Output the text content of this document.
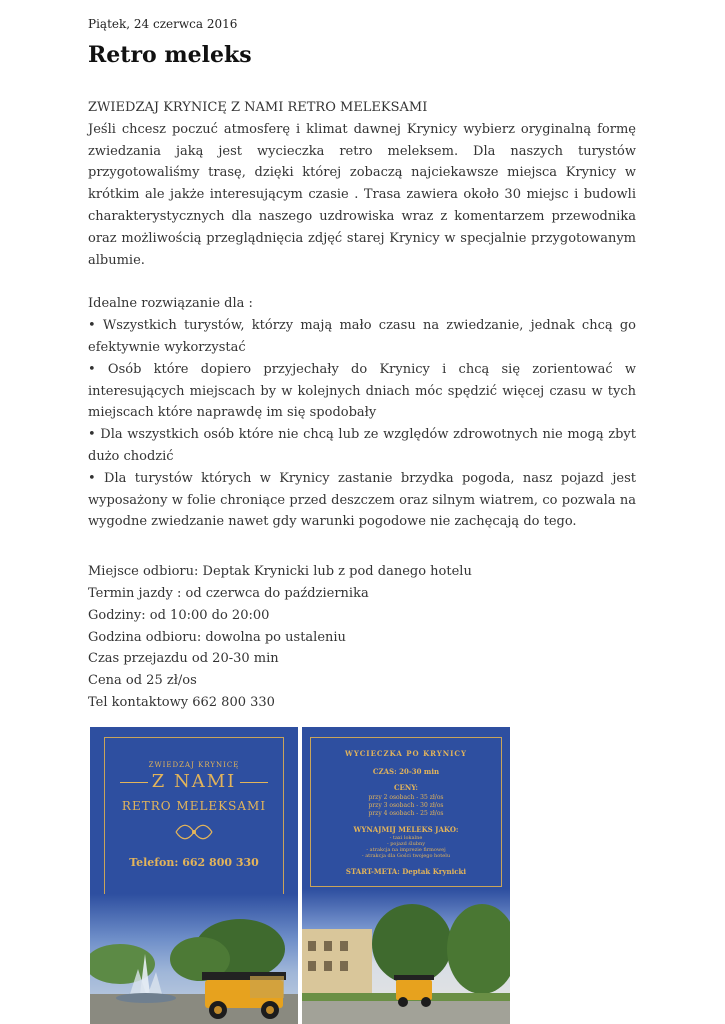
Piątek, 24 czerwca 2016
Retro meleks
ZWIEDZAJ KRYNICĘ Z NAMI RETRO MELEKSAMI
Jeśli chcesz poczuć atmosferę i klimat dawnej Krynicy wybierz oryginalną formę zwiedzania jaką jest wycieczka retro meleksem. Dla naszych turystów przygotowaliśmy trasę, dzięki której zobaczą najciekawsze miejsca Krynicy w krótkim ale jakże interesującym czasie . Trasa zawiera około 30 miejsc i budowli charakterystycznych dla naszego uzdrowiska wraz z komentarzem przewodnika oraz możliwością przeglądnięcia zdjęć starej Krynicy w specjalnie przygotowanym albumie.
Idealne rozwiązanie dla :
• Wszystkich turystów, którzy mają mało czasu na zwiedzanie, jednak chcą go efektywnie wykorzystać
• Osób które dopiero przyjechały do Krynicy i chcą się zorientować w interesujących miejscach by w kolejnych dniach móc spędzić więcej czasu w tych miejscach które naprawdę im się spodobały
• Dla wszystkich osób które nie chcą lub ze względów zdrowotnych nie mogą zbyt dużo chodzić
• Dla turystów których w Krynicy zastanie brzydka pogoda, nasz pojazd jest wyposażony w folie chroniące przed deszczem oraz silnym wiatrem, co pozwala na wygodne zwiedzanie nawet gdy warunki pogodowe nie zachęcają do tego.
Miejsce odbioru: Deptak Krynicki lub z pod danego hotelu
Termin jazdy : od czerwca do października
Godziny: od 10:00 do 20:00
Godzina odbioru: dowolna po ustaleniu
Czas przejazdu od 20-30 min
Cena od 25 zł/os
Tel kontaktowy 662 800 330
ZWIEDZAJ KRYNICĘ
Z NAMI
RETRO MELEKSAMI
Telefon: 662 800 330
WYCIECZKA PO KRYNICY
CZAS: 20-30 min
CENY:
przy 2 osobach - 35 zł/os
przy 3 osobach - 30 zł/os
przy 4 osobach - 25 zł/os
WYNAJMIJ MELEKS JAKO:
- taxi lokalne
- pojazd ślubny
- atrakcja na imprezie firmowej
- atrakcja dla Gości twojego hotelu
START-META: Deptak Krynicki
